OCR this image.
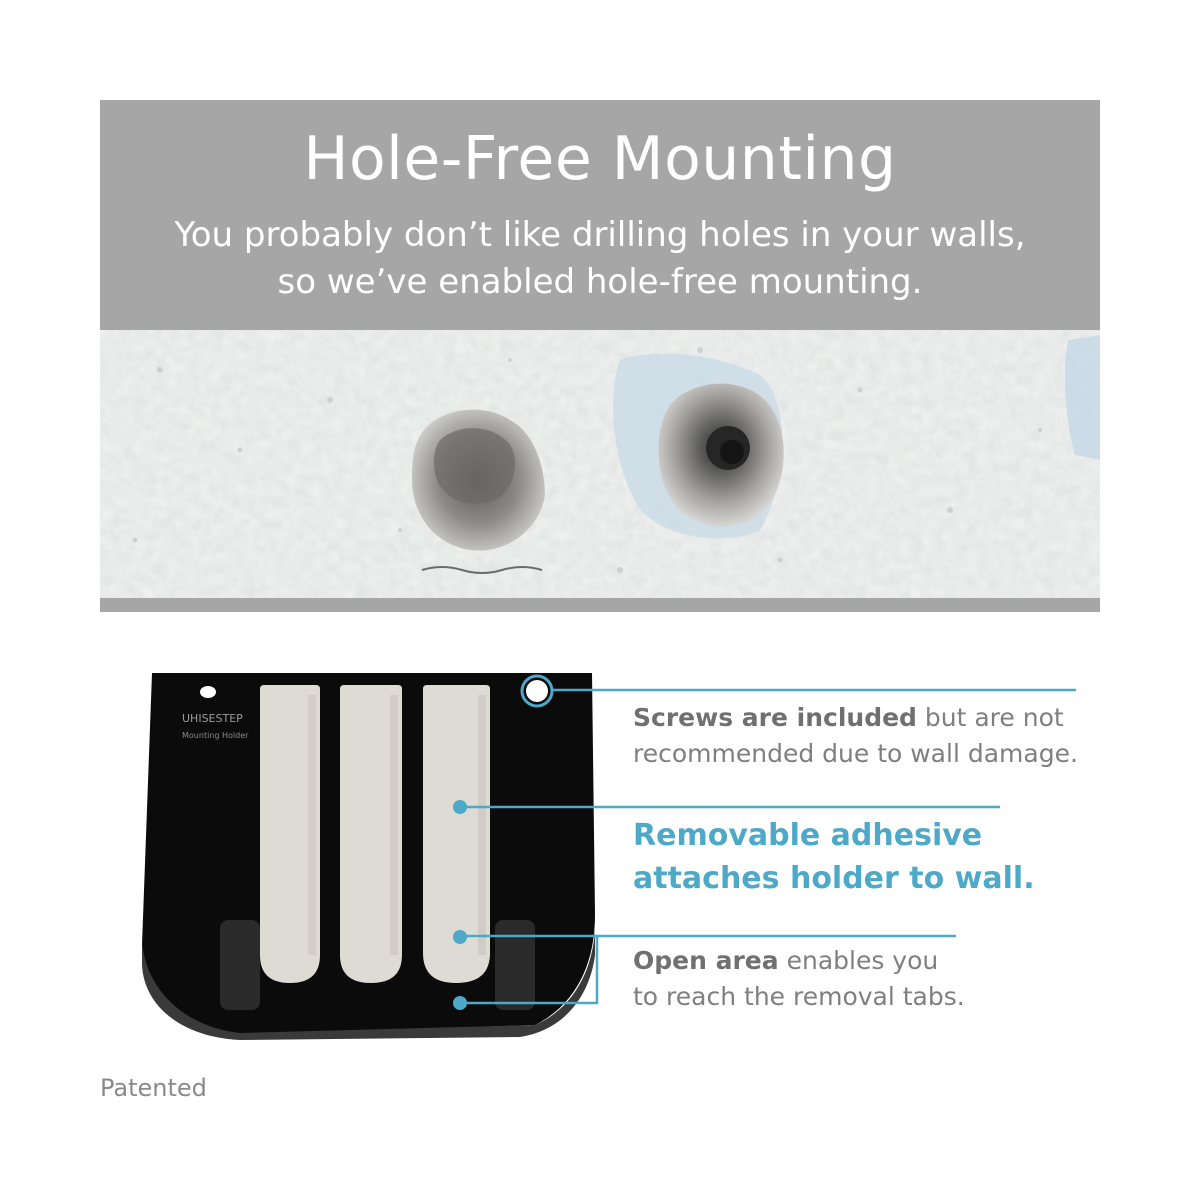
Hole-Free Mounting
You probably don’t like drilling holes in your walls,
so we’ve enabled hole-free mounting.
UHISESTEP
Mounting Holder
Screws are included but are not
recommended due to wall damage.
Removable adhesive
attaches holder to wall.
Open area enables you
to reach the removal tabs.
Patented
